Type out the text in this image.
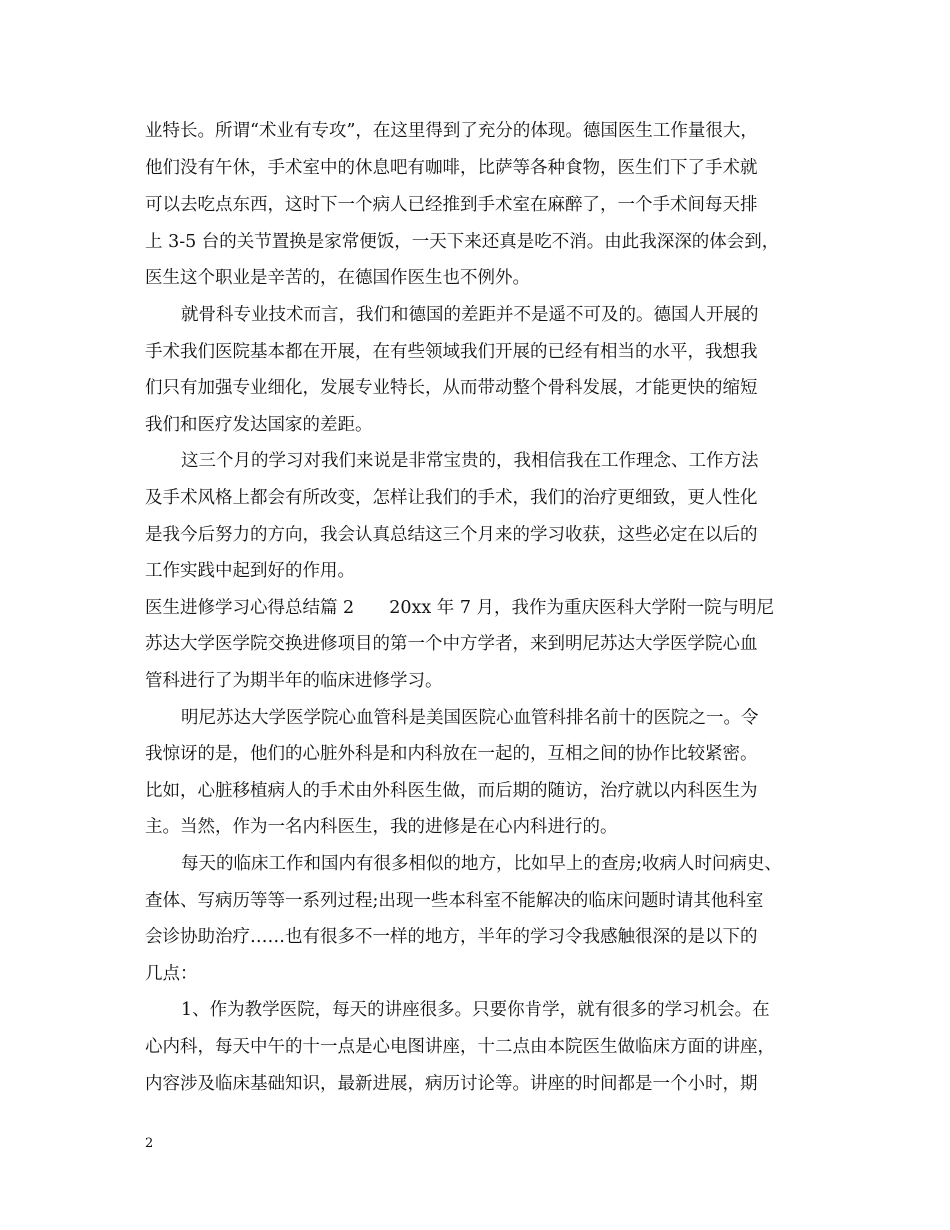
业特长。所谓“术业有专攻”，在这里得到了充分的体现。德国医生工作量很大，
他们没有午休，手术室中的休息吧有咖啡，比萨等各种食物，医生们下了手术就
可以去吃点东西，这时下一个病人已经推到手术室在麻醉了，一个手术间每天排
上 3-5 台的关节置换是家常便饭，一天下来还真是吃不消。由此我深深的体会到，
医生这个职业是辛苦的，在德国作医生也不例外。
就骨科专业技术而言，我们和德国的差距并不是遥不可及的。德国人开展的
手术我们医院基本都在开展，在有些领域我们开展的已经有相当的水平，我想我
们只有加强专业细化，发展专业特长，从而带动整个骨科发展，才能更快的缩短
我们和医疗发达国家的差距。
这三个月的学习对我们来说是非常宝贵的，我相信我在工作理念、工作方法
及手术风格上都会有所改变，怎样让我们的手术，我们的治疗更细致，更人性化
是我今后努力的方向，我会认真总结这三个月来的学习收获，这些必定在以后的
工作实践中起到好的作用。
医生进修学习心得总结篇 2　　20xx 年 7 月，我作为重庆医科大学附一院与明尼
苏达大学医学院交换进修项目的第一个中方学者，来到明尼苏达大学医学院心血
管科进行了为期半年的临床进修学习。
明尼苏达大学医学院心血管科是美国医院心血管科排名前十的医院之一。令
我惊讶的是，他们的心脏外科是和内科放在一起的，互相之间的协作比较紧密。
比如，心脏移植病人的手术由外科医生做，而后期的随访，治疗就以内科医生为
主。当然，作为一名内科医生，我的进修是在心内科进行的。
每天的临床工作和国内有很多相似的地方，比如早上的查房;收病人时问病史、
查体、写病历等等一系列过程;出现一些本科室不能解决的临床问题时请其他科室
会诊协助治疗……也有很多不一样的地方，半年的学习令我感触很深的是以下的
几点：
1、作为教学医院，每天的讲座很多。只要你肯学，就有很多的学习机会。在
心内科，每天中午的十一点是心电图讲座，十二点由本院医生做临床方面的讲座，
内容涉及临床基础知识，最新进展，病历讨论等。讲座的时间都是一个小时，期
2
